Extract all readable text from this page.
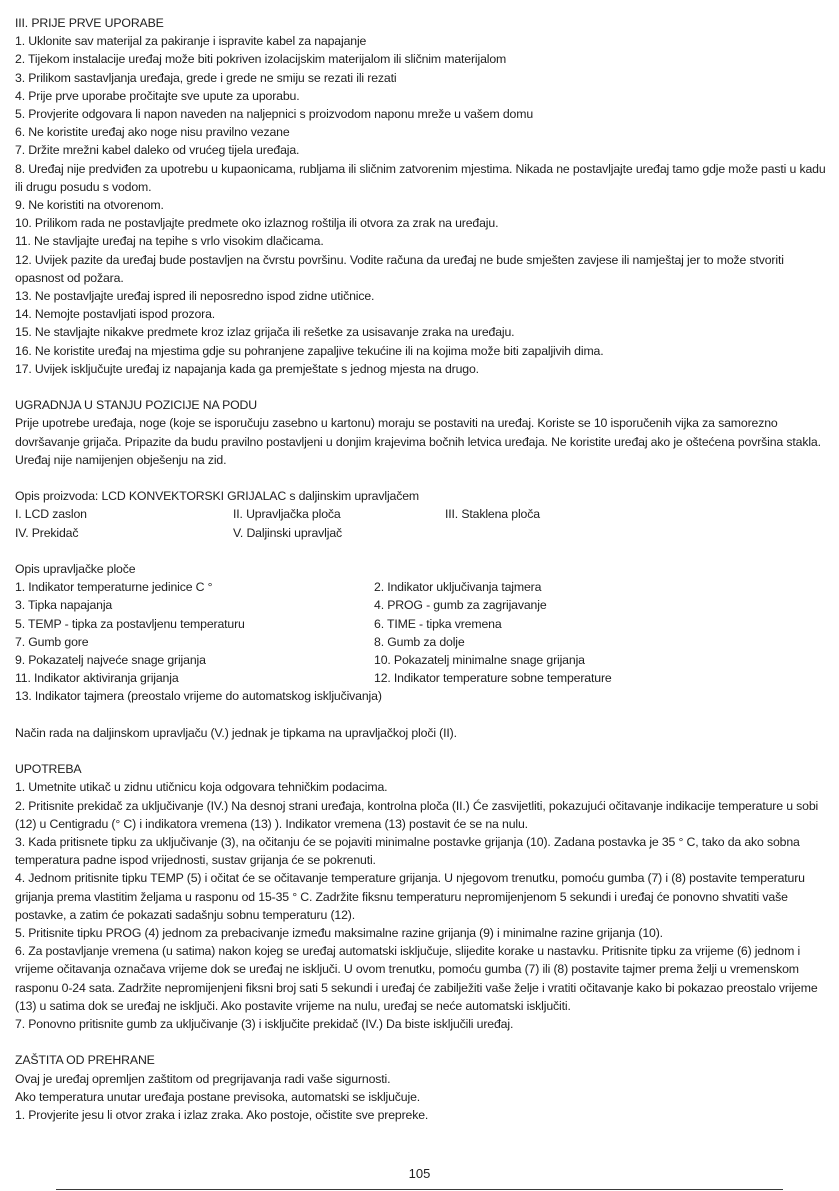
III. PRIJE PRVE UPORABE
1. Uklonite sav materijal za pakiranje i ispravite kabel za napajanje
2. Tijekom instalacije uređaj može biti pokriven izolacijskim materijalom ili sličnim materijalom
3. Prilikom sastavljanja uređaja, grede i grede ne smiju se rezati ili rezati
4. Prije prve uporabe pročitajte sve upute za uporabu.
5. Provjerite odgovara li napon naveden na naljepnici s proizvodom naponu mreže u vašem domu
6. Ne koristite uređaj ako noge nisu pravilno vezane
7. Držite mrežni kabel daleko od vrućeg tijela uređaja.
8. Uređaj nije predviđen za upotrebu u kupaonicama, rubljama ili sličnim zatvorenim mjestima. Nikada ne postavljajte uređaj tamo gdje može pasti u kadu ili drugu posudu s vodom.
9. Ne koristiti na otvorenom.
10. Prilikom rada ne postavljajte predmete oko izlaznog roštilja ili otvora za zrak na uređaju.
11. Ne stavljajte uređaj na tepihe s vrlo visokim dlačicama.
12. Uvijek pazite da uređaj bude postavljen na čvrstu površinu. Vodite računa da uređaj ne bude smješten zavjese ili namještaj jer to može stvoriti opasnost od požara.
13. Ne postavljajte uređaj ispred ili neposredno ispod zidne utičnice.
14. Nemojte postavljati ispod prozora.
15. Ne stavljajte nikakve predmete kroz izlaz grijača ili rešetke za usisavanje zraka na uređaju.
16. Ne koristite uređaj na mjestima gdje su pohranjene zapaljive tekućine ili na kojima može biti zapaljivih dima.
17. Uvijek isključujte uređaj iz napajanja kada ga premještate s jednog mjesta na drugo.
UGRADNJA U STANJU POZICIJE NA PODU
Prije upotrebe uređaja, noge (koje se isporučuju zasebno u kartonu) moraju se postaviti na uređaj. Koriste se 10 isporučenih vijka za samorezno dovršavanje grijača. Pripazite da budu pravilno postavljeni u donjim krajevima bočnih letvica uređaja. Ne koristite uređaj ako je oštećena površina stakla. Uređaj nije namijenjen obješenju na zid.
Opis proizvoda: LCD KONVEKTORSKI GRIJALAC s daljinskim upravljačem
I. LCD zaslon	II. Upravljačka ploča	III. Staklena ploča
IV. Prekidač	V. Daljinski upravljač
Opis upravljačke ploče
1. Indikator temperaturne jedinice C °	2. Indikator uključivanja tajmera
3. Tipka napajanja	4. PROG - gumb za zagrijavanje
5. TEMP - tipka za postavljenu temperaturu	6. TIME - tipka vremena
7. Gumb gore	8. Gumb za dolje
9. Pokazatelj najveće snage grijanja	10. Pokazatelj minimalne snage grijanja
11. Indikator aktiviranja grijanja	12. Indikator temperature sobne temperature
13. Indikator tajmera (preostalo vrijeme do automatskog isključivanja)
Način rada na daljinskom upravljaču (V.) jednak je tipkama na upravljačkoj ploči (II).
UPOTREBA
1. Umetnite utikač u zidnu utičnicu koja odgovara tehničkim podacima.
2. Pritisnite prekidač za uključivanje (IV.) Na desnoj strani uređaja, kontrolna ploča (II.) Će zasvijetliti, pokazujući očitavanje indikacije temperature u sobi (12) u Centigradu (° C) i indikatora vremena (13) ). Indikator vremena (13) postavit će se na nulu.
3. Kada pritisnete tipku za uključivanje (3), na očitanju će se pojaviti minimalne postavke grijanja (10). Zadana postavka je 35 ° C, tako da ako sobna temperatura padne ispod vrijednosti, sustav grijanja će se pokrenuti.
4. Jednom pritisnite tipku TEMP (5) i očitat će se očitavanje temperature grijanja. U njegovom trenutku, pomoću gumba (7) i (8) postavite temperaturu grijanja prema vlastitim željama u rasponu od 15-35 ° C. Zadržite fiksnu temperaturu nepromijenjenom 5 sekundi i uređaj će ponovno shvatiti vaše postavke, a zatim će pokazati sadašnju sobnu temperaturu (12).
5. Pritisnite tipku PROG (4) jednom za prebacivanje između maksimalne razine grijanja (9) i minimalne razine grijanja (10).
6. Za postavljanje vremena (u satima) nakon kojeg se uređaj automatski isključuje, slijedite korake u nastavku. Pritisnite tipku za vrijeme (6) jednom i vrijeme očitavanja označava vrijeme dok se uređaj ne isključi. U ovom trenutku, pomoću gumba (7) ili (8) postavite tajmer prema želji u vremenskom rasponu 0-24 sata. Zadržite nepromijenjeni fiksni broj sati 5 sekundi i uređaj će zabilježiti vaše želje i vratiti očitavanje kako bi pokazao preostalo vrijeme (13) u satima dok se uređaj ne isključi. Ako postavite vrijeme na nulu, uređaj se neće automatski isključiti.
7. Ponovno pritisnite gumb za uključivanje (3) i isključite prekidač (IV.) Da biste isključili uređaj.
ZAŠTITA OD PREHRANE
Ovaj je uređaj opremljen zaštitom od pregrijavanja radi vaše sigurnosti.
Ako temperatura unutar uređaja postane previsoka, automatski se isključuje.
1. Provjerite jesu li otvor zraka i izlaz zraka. Ako postoje, očistite sve prepreke.
105
